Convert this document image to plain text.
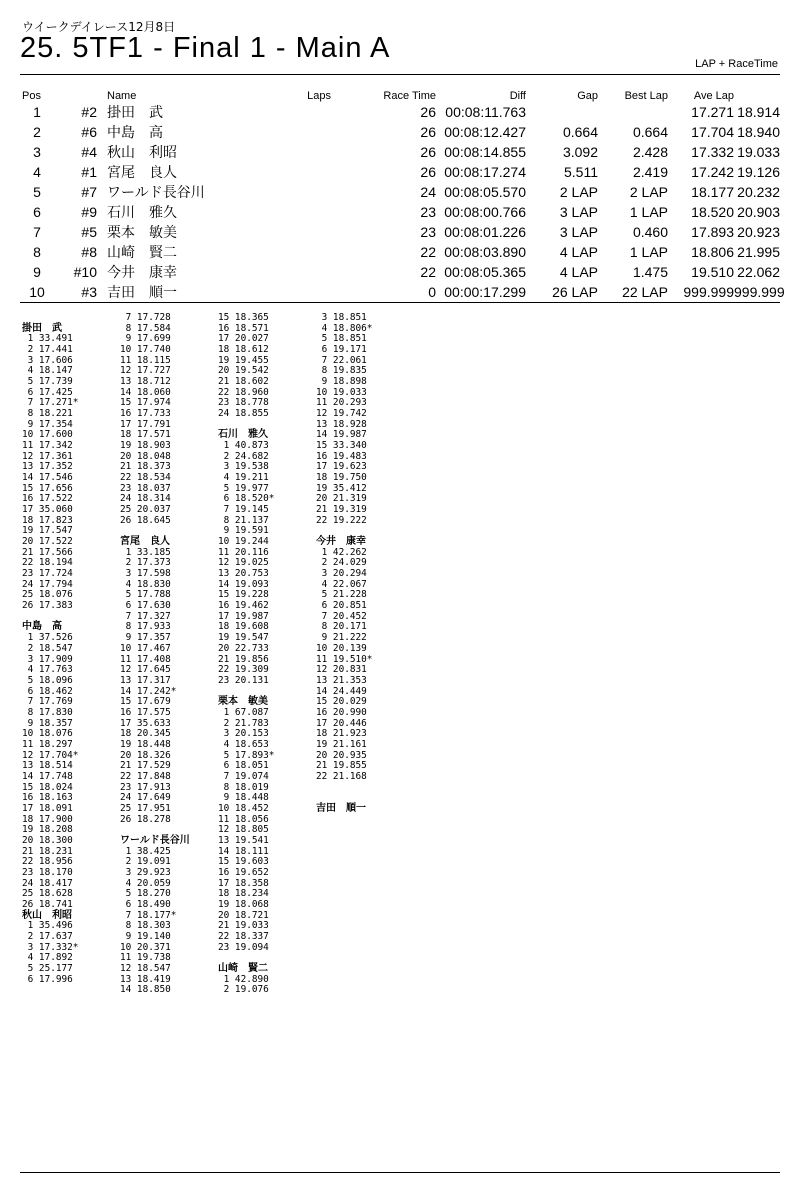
ウイークデイレース12月8日
25. 5TF1 - Final 1 - Main A	LAP + RaceTime
Pos		Name	Laps	Race Time	Diff	Gap	Best Lap	Ave Lap	
1	#2	掛田　武		26	00:08:11.763			17.271	18.914
2	#6	中島　高		26	00:08:12.427	0.664	0.664	17.704	18.940
3	#4	秋山　利昭		26	00:08:14.855	3.092	2.428	17.332	19.033
4	#1	宮尾　良人		26	00:08:17.274	5.511	2.419	17.242	19.126
5	#7	ワールド長谷川		24	00:08:05.570	2 LAP	2 LAP	18.177	20.232
6	#9	石川　雅久		23	00:08:00.766	3 LAP	1 LAP	18.520	20.903
7	#5	栗本　敏美		23	00:08:01.226	3 LAP	0.460	17.893	20.923
8	#8	山崎　賢二		22	00:08:03.890	4 LAP	1 LAP	18.806	21.995
9	#10	今井　康幸		22	00:08:05.365	4 LAP	1.475	19.510	22.062
10	#3	吉田　順一		0	00:00:17.299	26 LAP	22 LAP	999.999	999.999
掛田　武
1 33.491
2 17.441
3 17.606
4 18.147
5 17.739
6 17.425
7 17.271*
8 18.221
9 17.354
10 17.600
11 17.342
12 17.361
13 17.352
14 17.546
15 17.656
16 17.522
17 35.060
18 17.823
19 17.547
20 17.522
21 17.566
22 18.194
23 17.724
24 17.794
25 18.076
26 17.383
中島　高
1 37.526
2 18.547
3 17.909
4 17.763
5 18.096
6 18.462
7 17.769
8 17.830
9 18.357
10 18.076
11 18.297
12 17.704*
13 18.514
14 17.748
15 18.024
16 18.163
17 18.091
18 17.900
19 18.208
20 18.300
21 18.231
22 18.956
23 18.170
24 18.417
25 18.628
26 18.741
秋山　利昭
1 35.496
2 17.637
3 17.332*
4 17.892
5 25.177
6 17.996
7 17.728
8 17.584
9 17.699
10 17.740
11 18.115
12 17.727
13 18.712
14 18.060
15 17.974
16 17.733
17 17.791
18 17.571
19 18.903
20 18.048
21 18.373
22 18.534
23 18.037
24 18.314
25 20.037
26 18.645
宮尾　良人
1 33.185
2 17.373
3 17.598
4 18.830
5 17.788
6 17.630
7 17.327
8 17.933
9 17.357
10 17.467
11 17.408
12 17.645
13 17.317
14 17.242*
15 17.679
16 17.575
17 35.633
18 20.345
19 18.448
20 18.326
21 17.529
22 17.848
23 17.913
24 17.649
25 17.951
26 18.278
ワールド長谷川
1 38.425
2 19.091
3 29.923
4 20.059
5 18.270
6 18.490
7 18.177*
8 18.303
9 19.140
10 20.371
11 19.738
12 18.547
13 18.419
14 18.850
15 18.365
16 18.571
17 20.027
18 18.612
19 19.455
20 19.542
21 18.602
22 18.960
23 18.778
24 18.855
石川　雅久
1 40.873
2 24.682
3 19.538
4 19.211
5 19.977
6 18.520*
7 19.145
8 21.137
9 19.591
10 19.244
11 20.116
12 19.025
13 20.753
14 19.093
15 19.228
16 19.462
17 19.987
18 19.608
19 19.547
20 22.733
21 19.856
22 19.309
23 20.131
栗本　敏美
1 67.087
2 21.783
3 20.153
4 18.653
5 17.893*
6 18.051
7 19.074
8 18.019
9 18.448
10 18.452
11 18.056
12 18.805
13 19.541
14 18.111
15 19.603
16 19.652
17 18.358
18 18.234
19 18.068
20 18.721
21 19.033
22 18.337
23 19.094
山崎　賢二
1 42.890
2 19.076
3 18.851
4 18.806*
5 18.851
6 19.171
7 22.061
8 19.835
9 18.898
10 19.033
11 20.293
12 19.742
13 18.928
14 19.987
15 33.340
16 19.483
17 19.623
18 19.750
19 35.412
20 21.319
21 19.319
22 19.222
今井　康幸
1 42.262
2 24.029
3 20.294
4 22.067
5 21.228
6 20.851
7 20.452
8 20.171
9 21.222
10 20.139
11 19.510*
12 20.831
13 21.353
14 24.449
15 20.029
16 20.990
17 20.446
18 21.923
19 21.161
20 20.935
21 19.855
22 21.168
吉田　順一
